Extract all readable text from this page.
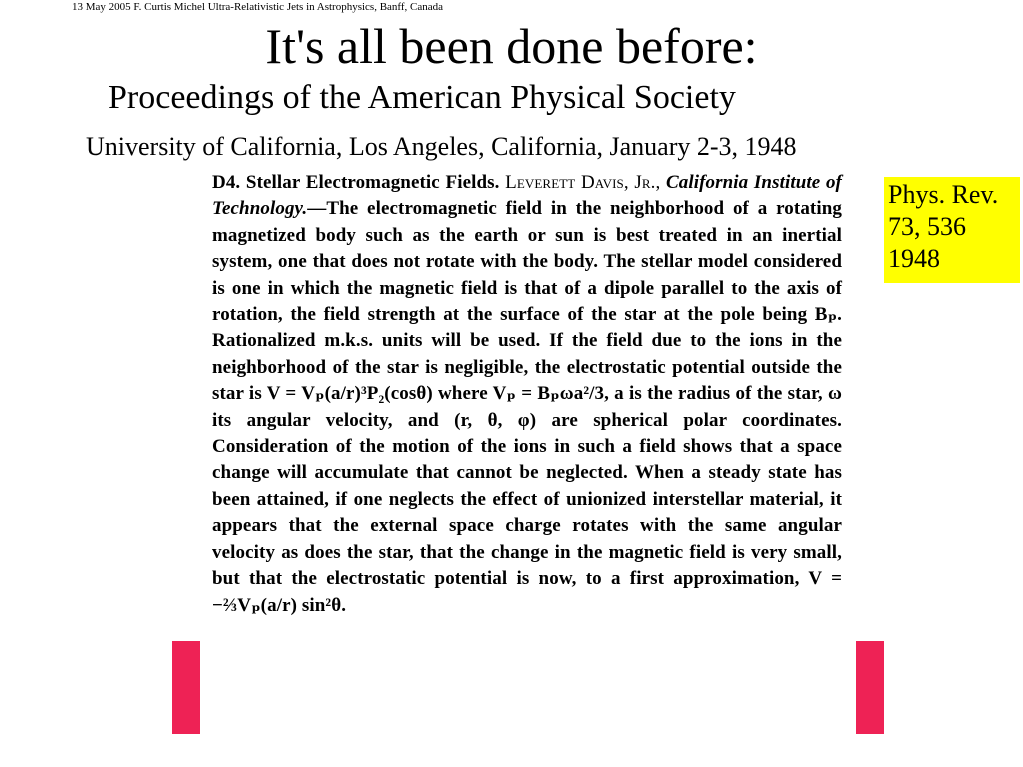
13 May 2005 F. Curtis Michel Ultra-Relativistic Jets in Astrophysics, Banff, Canada
It's all been done before:
Proceedings of the American Physical Society
University of California, Los Angeles, California, January 2-3, 1948
Phys. Rev.
73, 536
1948

D4. Stellar Electromagnetic Fields. Leverett Davis, Jr., California Institute of Technology.—The electromagnetic field in the neighborhood of a rotating magnetized body such as the earth or sun is best treated in an inertial system, one that does not rotate with the body. The stellar model considered is one in which the magnetic field is that of a dipole parallel to the axis of rotation, the field strength at the surface of the star at the pole being Bₚ. Rationalized m.k.s. units will be used. If the field due to the ions in the neighborhood of the star is negligible, the electrostatic potential outside the star is V = Vₚ(a/r)³P₂(cosθ) where Vₚ = Bₚωa²/3, a is the radius of the star, ω its angular velocity, and (r, θ, φ) are spherical polar coordinates. Consideration of the motion of the ions in such a field shows that a space change will accumulate that cannot be neglected. When a steady state has been attained, if one neglects the effect of unionized interstellar material, it appears that the external space charge rotates with the same angular velocity as does the star, that the change in the magnetic field is very small, but that the electrostatic potential is now, to a first approximation, V = −⅔Vₚ(a/r) sin²θ.
